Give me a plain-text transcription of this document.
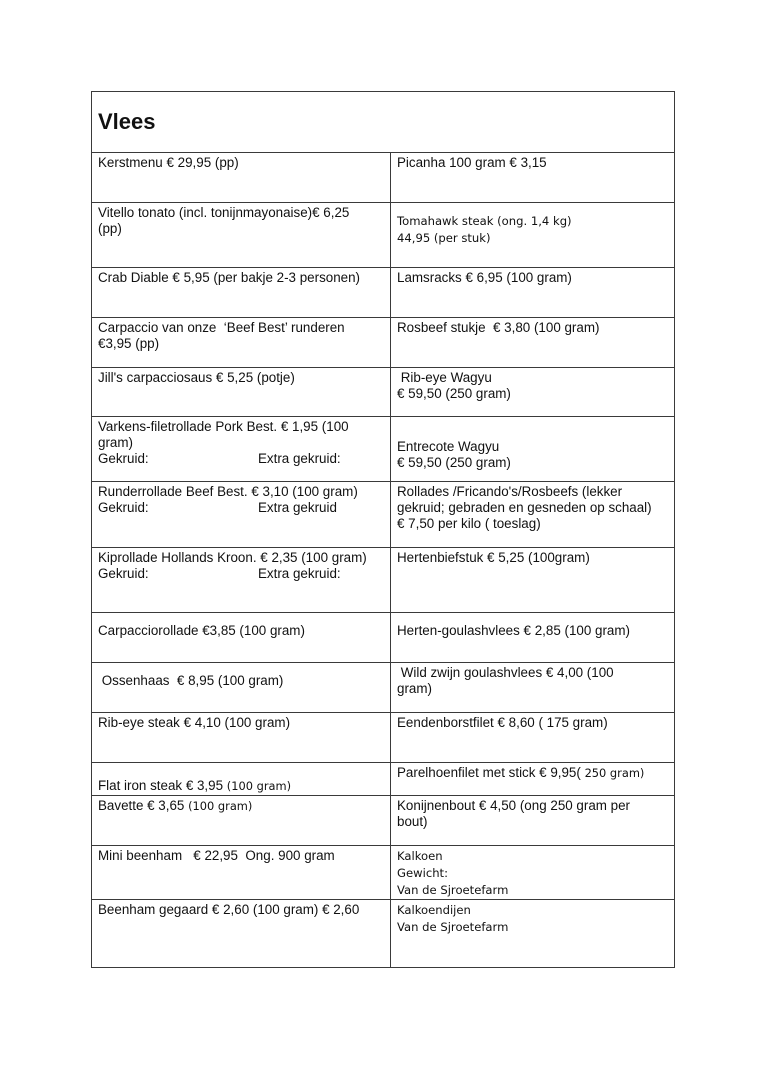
Vlees	

Kerstmenu € 29,95 (pp)	Picanha 100 gram € 3,15

Vitello tonato (incl. tonijnmayonaise)€ 6,25
(pp)	Tomahawk steak (ong. 1,4 kg)
44,95 (per stuk)

Crab Diable € 5,95 (per bakje 2-3 personen)	Lamsracks € 6,95 (100 gram)

Carpaccio van onze  ‘Beef Best’ runderen
€3,95 (pp)	Rosbeef stukje  € 3,80 (100 gram)

Jill's carpacciosaus € 5,25 (potje)	Rib-eye Wagyu
€ 59,50 (250 gram)

Varkens-filetrollade Pork Best. € 1,95 (100
gram)
Gekruid: Extra gekruid:	Entrecote Wagyu
€ 59,50 (250 gram)

Runderrollade Beef Best. € 3,10 (100 gram)
Gekruid: Extra gekruid	Rollades /Fricando's/Rosbeefs (lekker
gekruid; gebraden en gesneden op schaal)
€ 7,50 per kilo ( toeslag)

Kiprollade Hollands Kroon. € 2,35 (100 gram)
Gekruid: Extra gekruid:	Hertenbiefstuk € 5,25 (100gram)

Carpacciorollade €3,85 (100 gram)	Herten-goulashvlees € 2,85 (100 gram)

Ossenhaas  € 8,95 (100 gram)	Wild zwijn goulashvlees € 4,00 (100
gram)

Rib-eye steak € 4,10 (100 gram)	Eendenborstfilet € 8,60 ( 175 gram)

Flat iron steak € 3,95 (100 gram)	Parelhoenfilet met stick € 9,95( 250 gram)
Bavette € 3,65 (100 gram)	Konijnenbout € 4,50 (ong 250 gram per
bout)

Mini beenham   € 22,95  Ong. 900 gram	Kalkoen
Gewicht:
Van de Sjroetefarm

Beenham gegaard € 2,60 (100 gram) € 2,60	Kalkoendijen
Van de Sjroetefarm
